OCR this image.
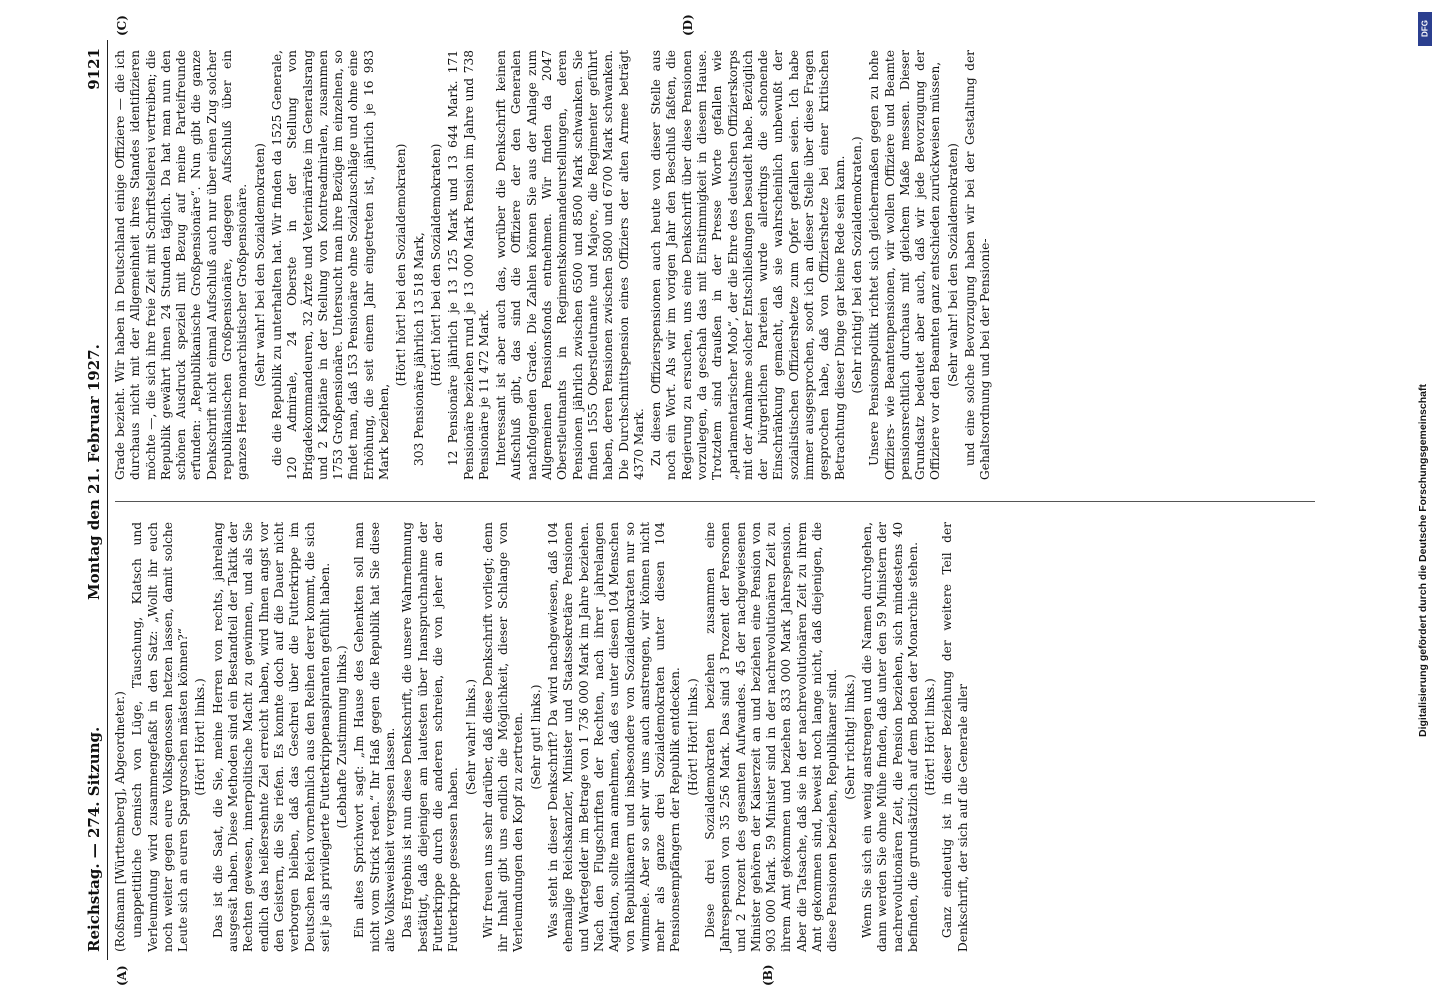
Reichstag. — 274. Sitzung.
Montag den 21. Februar 1927.
9121
(A)	(B)
(C)	(D)

(Roßmann [Württemberg], Abgeordneter.) unappetitliche Gemisch von Lüge, Täuschung, Klatsch und Verleumdung wird zusammengefaßt in den Satz: „Wollt ihr euch noch weiter gegen eure Volksgenossen hetzen lassen, damit solche Leute sich an euren Spargroschen mästen können?“ (Hört! Hört! links.) Das ist die Saat, die Sie, meine Herren von rechts, jahrelang ausgesät haben. Diese Methoden sind ein Bestandteil der Taktik der Rechten gewesen, innerpolitische Macht zu gewinnen, und als Sie endlich das heißersehnte Ziel erreicht haben, wird Ihnen angst vor den Geistern, die Sie riefen. Es konnte doch auf die Dauer nicht verborgen bleiben, daß das Geschrei über die Futterkrippe im Deutschen Reich vornehmlich aus den Reihen derer kommt, die sich seit je als privilegierte Futterkrippenaspiranten gefühlt haben. (Lebhafte Zustimmung links.) Ein altes Sprichwort sagt: „Im Hause des Gehenkten soll man nicht vom Strick reden.“ Ihr Haß gegen die Republik hat Sie diese alte Volksweisheit vergessen lassen. Das Ergebnis ist nun diese Denkschrift, die unsere Wahrnehmung bestätigt, daß diejenigen am lautesten über Inanspruchnahme der Futterkrippe durch die anderen schreien, die von jeher an der Futterkrippe gesessen haben.

(Sehr wahr! links.) Wir freuen uns sehr darüber, daß diese Denkschrift vorliegt; denn ihr Inhalt gibt uns endlich die Möglichkeit, dieser Schlange von Verleumdungen den Kopf zu zertreten. (Sehr gut! links.) Was steht in dieser Denkschrift? Da wird nachgewiesen, daß 104 ehemalige Reichskanzler, Minister und Staatssekretäre Pensionen und Wartegelder im Betrage von 1 736 000 Mark im Jahre beziehen. Nach den Flugschriften der Rechten, nach ihrer jahrelangen Agitation, sollte man annehmen, daß es unter diesen 104 Menschen von Republikanern und insbesondere von Sozialdemokraten nur so wimmele. Aber so sehr wir uns auch anstrengen, wir können nicht mehr als ganze drei Sozialdemokraten unter diesen 104 Pensionsempfängern der Republik entdecken. (Hört! Hört! links.) Diese drei Sozialdemokraten beziehen zusammen eine Jahrespension von 35 256 Mark. Das sind 3 Prozent der Personen und 2 Prozent des gesamten Aufwandes. 45 der nachgewiesenen Minister gehören der Kaiserzeit an und beziehen eine Pension von 903 000 Mark. 59 Minister sind in der nachrevolutionären Zeit zu ihrem Amt gekommen und beziehen 833 000 Mark Jahrespension. Aber die Tatsache, daß sie in der nachrevolutionären Zeit zu ihrem Amt gekommen sind, beweist noch lange nicht, daß diejenigen, die diese Pensionen beziehen, Republikaner sind. (Sehr richtig! links.) Wenn Sie sich ein wenig anstrengen und die Namen durchgehen, dann werden Sie ohne Mühe finden, daß unter den 59 Ministern der nachrevolutionären Zeit, die Pension beziehen, sich mindestens 40 befinden, die grundsätzlich auf dem Boden der Monarchie stehen. (Hört! Hört! links.) Ganz eindeutig ist in dieser Beziehung der weitere Teil der Denkschrift, der sich auf die Generale aller

Grade bezieht. Wir haben in Deutschland einige Offiziere — die ich durchaus nicht mit der Allgemeinheit ihres Standes identifizieren möchte —, die sich ihre freie Zeit mit Schriftstellerei vertreiben; die Republik gewährt ihnen 24 Stunden täglich. Da hat man nun den schönen Ausdruck speziell mit Bezug auf meine Parteifreunde erfunden: „Republikanische Großpensionäre“. Nun gibt die ganze Denkschrift nicht einmal Aufschluß auch nur über einen Zug solcher republikanischen Großpensionäre, dagegen Aufschluß über ein ganzes Heer monarchistischer Großpensionäre. (Sehr wahr! bei den Sozialdemokraten) die die Republik zu unterhalten hat. Wir finden da 1525 Generale, 120 Admirale, 24 Oberste in der Stellung von Brigadekommandeuren, 32 Ärzte und Veterinärräte im Generalsrang und 2 Kapitäne in der Stellung von Kontreadmiralen, zusammen 1753 Großpensionäre. Untersucht man ihre Bezüge im einzelnen, so findet man, daß 153 Pensionäre ohne Sozialzuschläge und ohne eine Erhöhung, die seit einem Jahr eingetreten ist, jährlich je 16 983 Mark beziehen,

(Hört! hört! bei den Sozialdemokraten) 303 Pensionäre jährlich 13 518 Mark, (Hört! hört! bei den Sozialdemokraten) 12 Pensionäre jährlich je 13 125 Mark und 13 644 Mark. 171 Pensionäre beziehen rund je 13 000 Mark Pension im Jahre und 738 Pensionäre je 11 472 Mark. Interessant ist aber auch das, worüber die Denkschrift keinen Aufschluß gibt, das sind die Offiziere der den Generalen nachfolgenden Grade. Die Zahlen können Sie aus der Anlage zum Allgemeinen Pensionsfonds entnehmen. Wir finden da 2047 Oberstleutnants in Regimentskommandeurstellungen, deren Pensionen jährlich zwischen 6500 und 8500 Mark schwanken. Sie finden 1555 Oberstleutnante und Majore, die Regimenter geführt haben, deren Pensionen zwischen 5800 und 6700 Mark schwanken. Die Durchschnittspension eines Offiziers der alten Armee beträgt 4370 Mark. Zu diesen Offizierspensionen auch heute von dieser Stelle aus noch ein Wort. Als wir im vorigen Jahr den Beschluß faßten, die Regierung zu ersuchen, uns eine Denkschrift über diese Pensionen vorzulegen, da geschah das mit Einstimmigkeit in diesem Hause. Trotzdem sind draußen in der Presse Worte gefallen wie „parlamentarischer Mob“, der die Ehre des deutschen Offizierskorps mit der Annahme solcher Entschließungen besudelt habe. Bezüglich der bürgerlichen Parteien wurde allerdings die schonende Einschränkung gemacht, daß sie wahrscheinlich unbewußt der sozialistischen Offiziershetze zum Opfer gefallen seien. Ich habe immer ausgesprochen, sooft ich an dieser Stelle über diese Fragen gesprochen habe, daß von Offiziershetze bei einer kritischen Betrachtung dieser Dinge gar keine Rede sein kann. (Sehr richtig! bei den Sozialdemokraten.) Unsere Pensionspolitik richtet sich gleichermaßen gegen zu hohe Offiziers- wie Beamtenpensionen, wir wollen Offiziere und Beamte pensionsrechtlich durchaus mit gleichem Maße messen. Dieser Grundsatz bedeutet aber auch, daß wir jede Bevorzugung der Offiziere vor den Beamten ganz entschieden zurückweisen müssen, (Sehr wahr! bei den Sozialdemokraten) und eine solche Bevorzugung haben wir bei der Gestaltung der Gehaltsordnung und bei der Pensionie-

DFG
Digitalisierung gefördert durch die Deutsche Forschungsgemeinschaft
